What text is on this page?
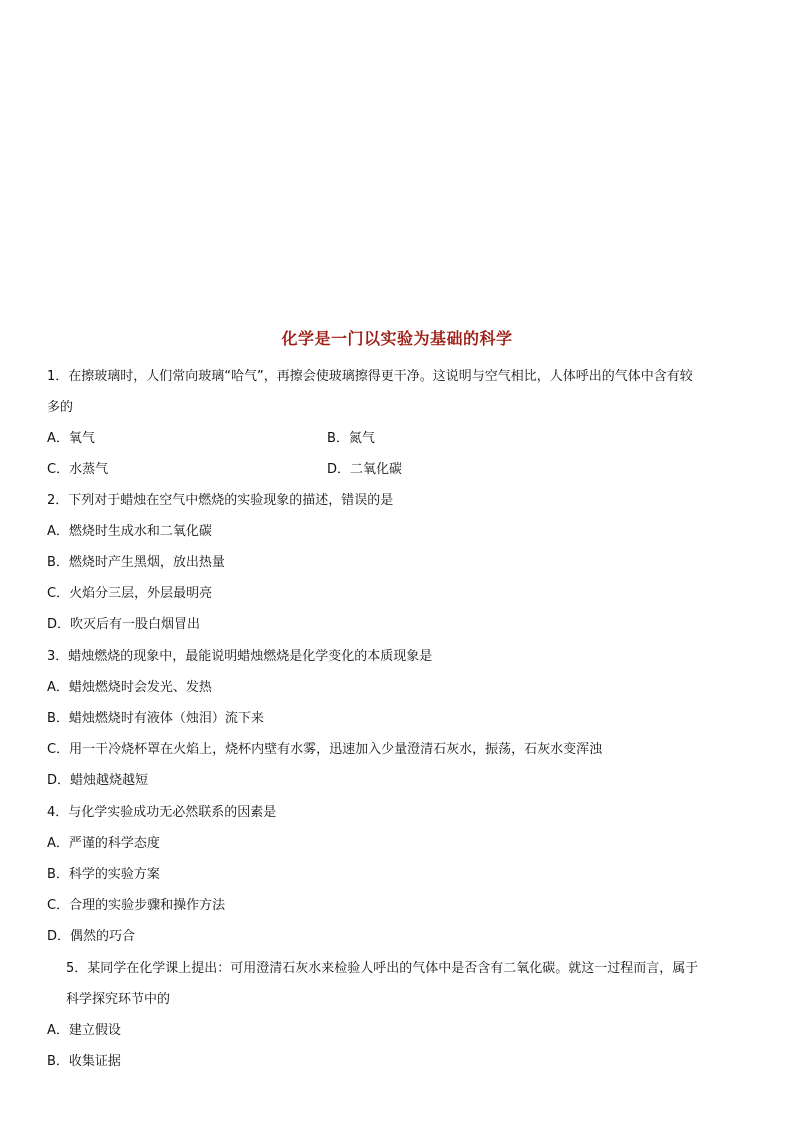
化学是一门以实验为基础的科学
1．在擦玻璃时，人们常向玻璃“哈气”，再擦会使玻璃擦得更干净。这说明与空气相比，人体呼出的气体中含有较
多的
A．氧气	B．氮气
C．水蒸气	D．二氧化碳
2．下列对于蜡烛在空气中燃烧的实验现象的描述，错误的是
A．燃烧时生成水和二氧化碳
B．燃烧时产生黑烟，放出热量
C．火焰分三层，外层最明亮
D．吹灭后有一股白烟冒出
3．蜡烛燃烧的现象中，最能说明蜡烛燃烧是化学变化的本质现象是
A．蜡烛燃烧时会发光、发热
B．蜡烛燃烧时有液体（烛泪）流下来
C．用一干冷烧杯罩在火焰上，烧杯内壁有水雾，迅速加入少量澄清石灰水，振荡，石灰水变浑浊
D．蜡烛越烧越短
4．与化学实验成功无必然联系的因素是
A．严谨的科学态度
B．科学的实验方案
C．合理的实验步骤和操作方法
D．偶然的巧合
5．某同学在化学课上提出：可用澄清石灰水来检验人呼出的气体中是否含有二氧化碳。就这一过程而言，属于
科学探究环节中的
A．建立假设
B．收集证据
